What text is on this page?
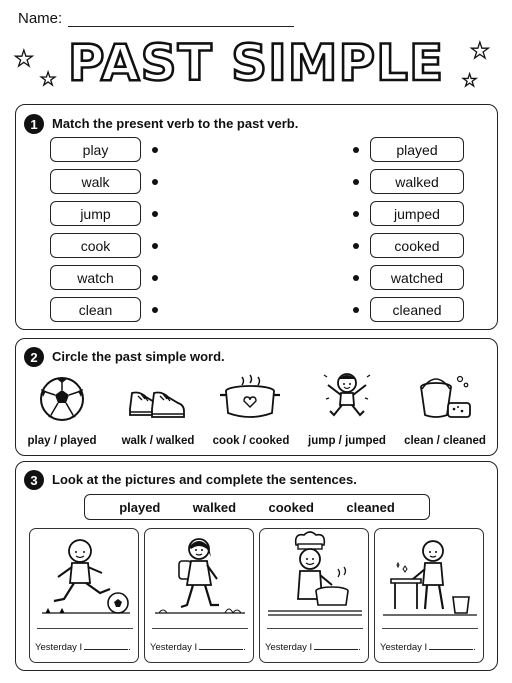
Name:
PAST SIMPLE
★
★
★
★
1	Match the present verb to the past verb.
play
walk
jump
cook
watch
clean
played
walked
jumped
cooked
watched
cleaned
2	Circle the past simple word.
play / played	walk / walked	cook / cooked	jump / jumped	clean / cleaned
3	Look at the pictures and complete the sentences.
played walked cooked cleaned
Yesterday I	. Yesterday I	. Yesterday I	. Yesterday I	.
